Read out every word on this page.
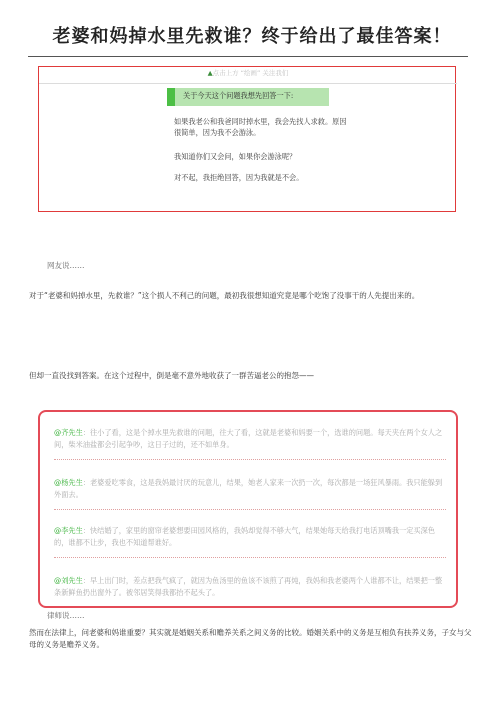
老婆和妈掉水里先救谁？终于给出了最佳答案！
▲点击上方 “绘画” 关注我们
关于今天这个问题我想先回答一下:
如果我老公和我爸同时掉水里，我会先找人求救。原因很简单，因为我不会游泳。
我知道你们又会问，如果你会游泳呢？
对不起，我拒绝回答，因为我就是不会。
网友说……
对于“老婆和妈掉水里，先救谁？”这个损人不利己的问题，最初我很想知道究竟是哪个吃饱了没事干的人先提出来的。
但却一直没找到答案。在这个过程中，倒是毫不意外地收获了一群苦逼老公的抱怨——
@齐先生：往小了看，这是个掉水里先救谁的问题，往大了看，这就是老婆和妈要一个，选谁的问题。每天夹在两个女人之间，柴米油盐都会引起争吵，这日子过的，还不如单身。
@杨先生：老婆爱吃零食，这是我妈最讨厌的玩意儿，结果，她老人家来一次扔一次，每次都是一场狂风暴雨。我只能躲到外面去。
@李先生：快结婚了，家里的窗帘老婆想要田园风格的，我妈却觉得不够大气，结果她每天给我打电话顶嘴我一定买深色的，谁都不让步，我也不知道帮谁好。
@刘先生：早上出门时，差点把我气疯了，就因为鱼汤里的鱼该不该煎了再炖，我妈和我老婆两个人谁都不让，结果把一整条新鲜鱼扔出窗外了。被邻居笑得我都抬不起头了。
律师说……
然而在法律上，问老婆和妈谁重要？其实就是婚姻关系和赡养关系之间义务的比较。婚姻关系中的义务是互相负有扶养义务，子女与父母的义务是赡养义务。
